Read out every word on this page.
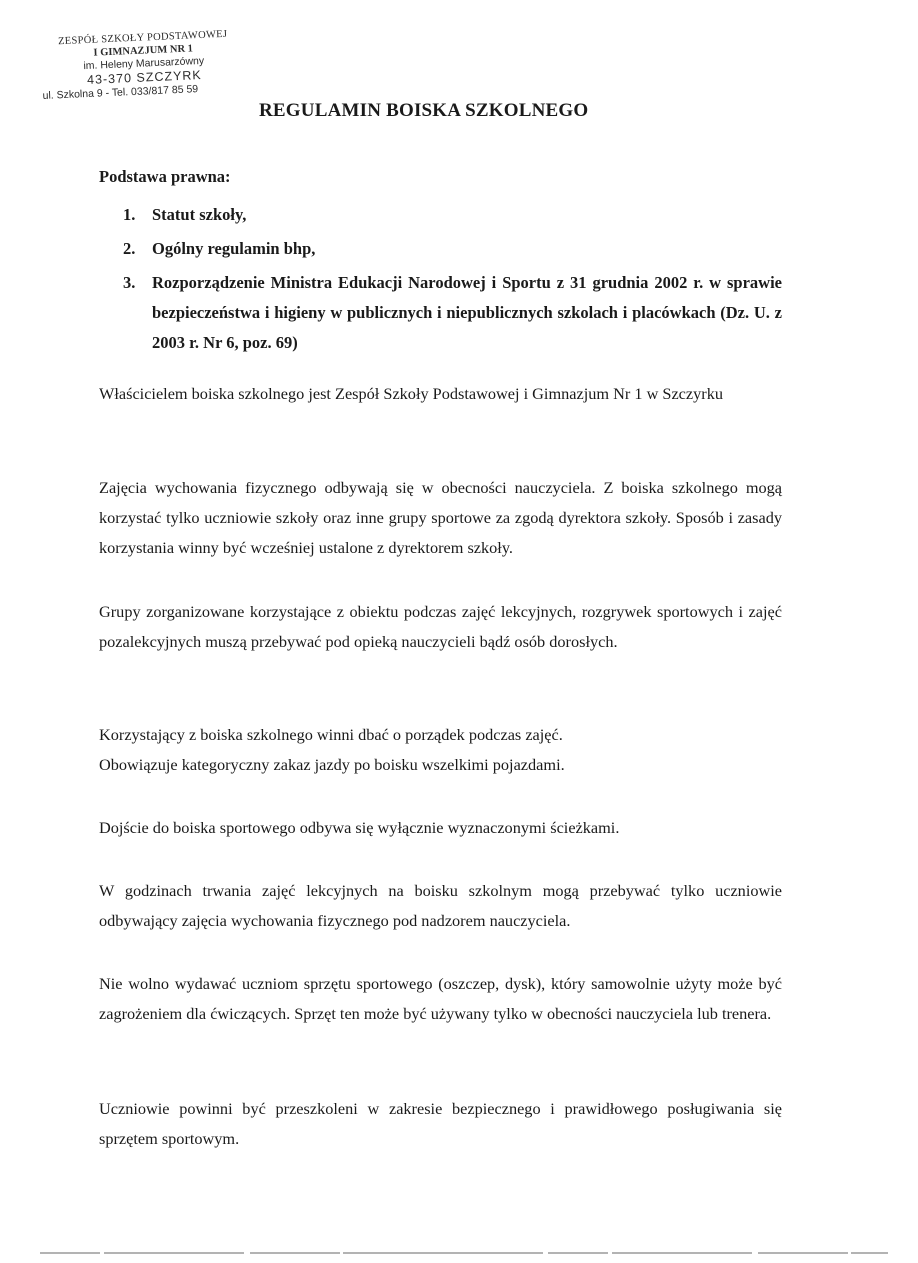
ZESPÓŁ SZKOŁY PODSTAWOWEJ
I GIMNAZJUM NR 1
im. Heleny Marusarzówny
43-370 SZCZYRK
ul. Szkolna 9 - Tel. 033/817 85 59
REGULAMIN BOISKA SZKOLNEGO
Podstawa prawna:
1. Statut szkoły,
2. Ogólny regulamin bhp,
3. Rozporządzenie Ministra Edukacji Narodowej i Sportu z 31 grudnia 2002 r. w sprawie bezpieczeństwa i higieny w publicznych i niepublicznych szkolach i placówkach (Dz. U. z 2003 r. Nr 6, poz. 69)

Właścicielem boiska szkolnego jest Zespół Szkoły Podstawowej i Gimnazjum Nr 1 w Szczyrku

Zajęcia wychowania fizycznego odbywają się w obecności nauczyciela. Z boiska szkolnego mogą korzystać tylko uczniowie szkoły oraz inne grupy sportowe za zgodą dyrektora szkoły. Sposób i zasady korzystania winny być wcześniej ustalone z dyrektorem szkoły.

Grupy zorganizowane korzystające z obiektu podczas zajęć lekcyjnych, rozgrywek sportowych i zajęć pozalekcyjnych muszą przebywać pod opieką nauczycieli bądź osób dorosłych.

Korzystający z boiska szkolnego winni dbać o porządek podczas zajęć.
Obowiązuje kategoryczny zakaz jazdy po boisku wszelkimi pojazdami.

Dojście do boiska sportowego odbywa się wyłącznie wyznaczonymi ścieżkami.

W godzinach trwania zajęć lekcyjnych na boisku szkolnym mogą przebywać tylko uczniowie odbywający zajęcia wychowania fizycznego pod nadzorem nauczyciela.

Nie wolno wydawać uczniom sprzętu sportowego (oszczep, dysk), który samowolnie użyty może być zagrożeniem dla ćwiczących. Sprzęt ten może być używany tylko w obecności nauczyciela lub trenera.

Uczniowie powinni być przeszkoleni w zakresie bezpiecznego i prawidłowego posługiwania się sprzętem sportowym.
